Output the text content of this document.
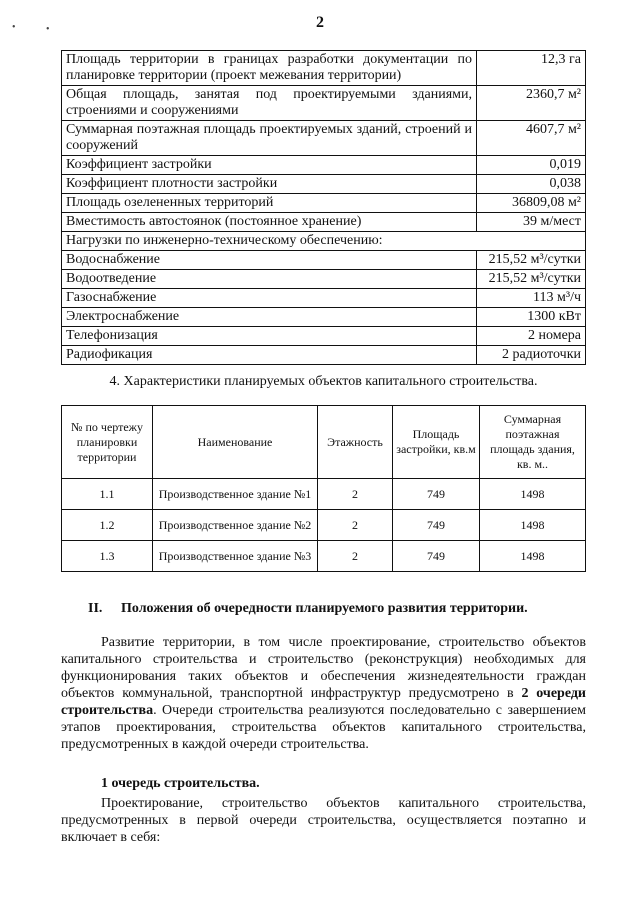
2
•	•
Площадь территории в границах разработки документации по планировке территории (проект межевания территории)	12,3 га
Общая площадь, занятая под проектируемыми зданиями, строениями и сооружениями	2360,7 м²
Суммарная поэтажная площадь проектируемых зданий, строений и сооружений	4607,7 м²
Коэффициент застройки	0,019
Коэффициент плотности застройки	0,038
Площадь озелененных территорий	36809,08 м²
Вместимость автостоянок (постоянное хранение)	39 м/мест
Нагрузки по инженерно-техническому обеспечению:	
Водоснабжение	215,52 м³/сутки
Водоотведение	215,52 м³/сутки
Газоснабжение	113 м³/ч
Электроснабжение	1300 кВт
Телефонизация	2 номера
Радиофикация	2 радиоточки
4. Характеристики планируемых объектов капитального строительства.
№ по чертежу планировки территории	Наименование	Этажность	Площадь застройки, кв.м	Суммарная поэтажная площадь здания, кв. м..
1.1	Производственное здание №1	2	749	1498
1.2	Производственное здание №2	2	749	1498
1.3	Производственное здание №3	2	749	1498
II. Положения об очередности планируемого развития территории.

Развитие территории, в том числе проектирование, строительство объектов капитального строительства и строительство (реконструкция) необходимых для функционирования таких объектов и обеспечения жизнедеятельности граждан объектов коммунальной, транспортной инфраструктур предусмотрено в 2 очереди строительства. Очереди строительства реализуются последовательно с завершением этапов проектирования, строительства объектов капитального строительства, предусмотренных в каждой очереди строительства.

1 очередь строительства.

Проектирование, строительство объектов капитального строительства, предусмотренных в первой очереди строительства, осуществляется поэтапно и включает в себя:
